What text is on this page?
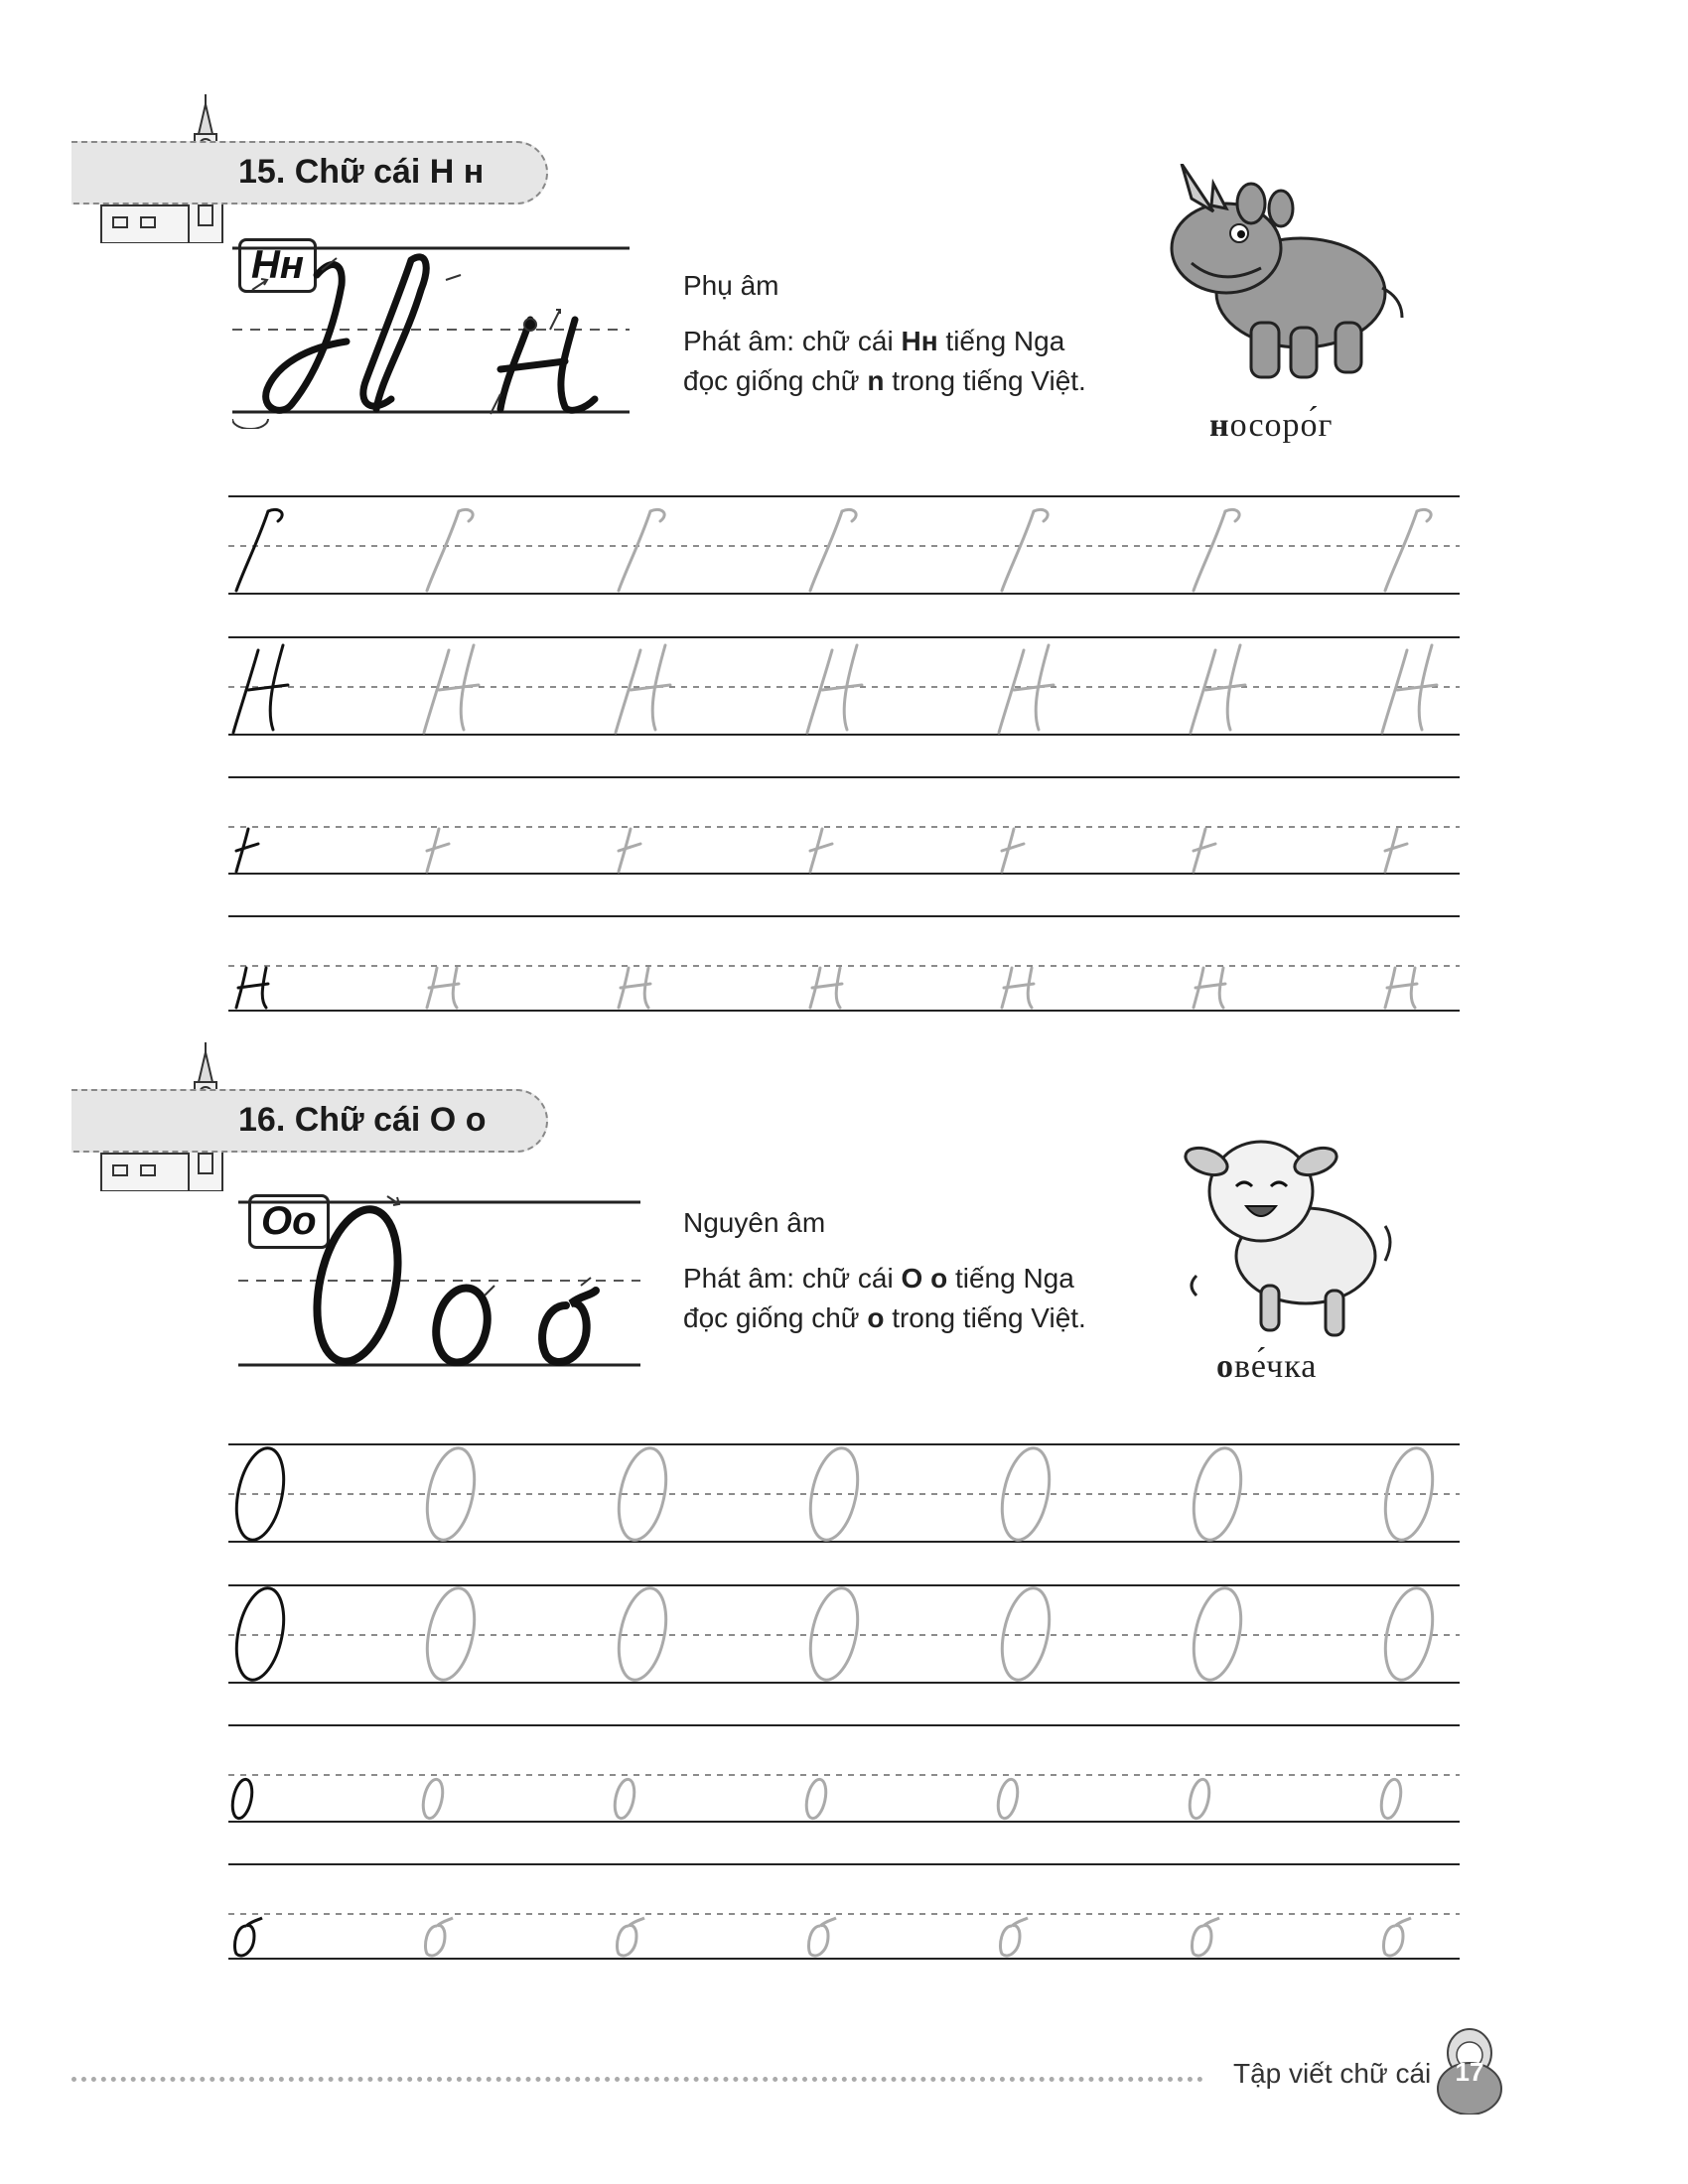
15. Chữ cái H н
Нн	Phụ âm

Phát âm: chữ cái Нн tiếng Nga đọc giống chữ n trong tiếng Việt.

носоро́г
16. Chữ cái O o
Oo	Nguyên âm

Phát âm: chữ cái O o tiếng Nga đọc giống chữ o trong tiếng Việt.

ове́чка
Tập viết chữ cái 17
